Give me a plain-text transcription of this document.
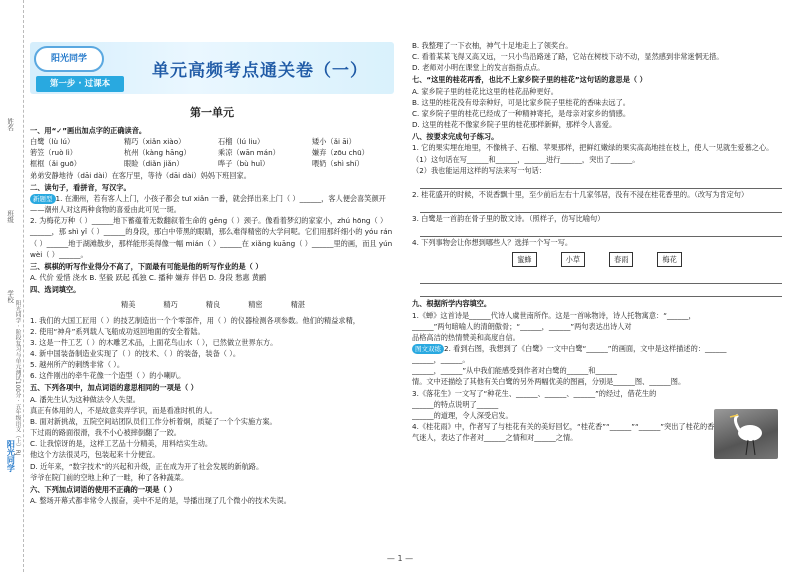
姓名
班级
学校
阳光同学 · 阶段复习与单元测试100分 · 五年级语文（上）RJ
阳光同学
阳光同学
第一步 · 过课本
单元高频考点通关卷（一）
第一单元
一、用“✓”画出加点字的正确读音。
白鹭（lù lú）	精巧（xiǎn xiào）	石榴（lú liu）	矮小（ǎi āi）
箬笠（ruò lì）	杭州（kàng hāng）	乘凉（wān mán）	嫌弃（zōu chū）
框框（ǎi guō）	眼睑（diǎn jiǎn）	哗子（bù huǐ）	喂奶（shì shí）
弟弟安静地待（dāi dài）在客厅里，等待（dāi dài）妈妈下班回家。
二、读句子，看拼音，写汉字。
新题型 1. 在潮州，若有客人上门，小孩子都会 tuī xiǎn 一番，就会择出来上门（ ）______，客人便会喜笑颜开——潮州人对这两种食物的喜爱由此可见一斑。
2. 为梅花万种（ ）______地下蓄蕴着无数翻叙着生命的 gěng（ ）颈子。像看着梦幻的家家小，zhú hōng（ ）______，那 shì yǐ（ ）______的身段，那白中带黑的眼睛，那么难得精密的大学问呢。它们用那纤细小的 yóu rán（ ）______地于湖滩散步，那样能形美得像一幅 mián（ ）______在 xiǎng kuāng（ ）______里的画，而且 yún wèi（ ）______。
三、棋棋的听写作业得分不高了，下面最有可能是他的听写作业的是（ ）
A. 代价 爱惜 浇水 B. 坚毅 跃起 孤独 C. 播种 嫌弃 伴侣 D. 身段 愁惠 黄鹂
四、选词填空。
精美	精巧	精良	精密	精湛
1. 我们的大国工匠用（ ）的技艺制造出一个个零部件，用（ ）的仪器检测各项参数。他们的精益求精，
2. 使用“神舟”系列载人飞船成功返回地面的安全着陆。
3. 这是一件工艺（ ）的木雕艺术品，上面花鸟山水（ ），已然做立世界东方。
4. 新中国装备制造业实现了（ ）的技术、（ ）的装备，装备（ ）。
5. 越州所产的刺绣非常（ ）。
6. 这件刚出的牵牛花像一个造型（ ）的小喇叭。
五、下列各项中，加点词语的意思相同的一项是（ ）
A. 潘先生认为这种做法令人失望。
真正有体用的人，不是故意卖弄学识，而是看准时机的人。
B. 面对新挑战，五院空间站团队员们工作分析着炯，质疑了一个个实施方案。
下过雨的路面很滑，我不小心被摔倒翻了一跤。
C. 让我惊讶的是，这样工艺品十分精美，用料结实生动。
他这个方法很灵巧，包装起来十分便宜。
D. 近年来，“数字技术”的兴起和升级，正在成为开了社会发展的新航路。
爷爷在院门前的空地上种了一畦，种了各种蔬菜。
六、下列加点词语的使用不正确的一项是（ ）
A. 整场开幕式都非常令人振奋，美中不足的是，导播出现了几个微小的技术失误。
B. 我整理了一下衣柚，神气十足地走上了领奖台。
C. 看着某某飞得又高又远，一只小鸟沿路迷了路，它站在树枝下动不动，显然感到非常迷惘无措。
D. 老师对小明在课堂上的发言指指点点。
七、“这里的桂花再香，也比不上家乡院子里的桂花”这句话的意思是（ ）
A. 家乡院子里的桂花比这里的桂花品种更好。
B. 这里的桂花没有母亲种好，可是比家乡院子里桂花的香味去远了。
C. 家乡院子里的桂花已经成了一种精神寄托，是母亲对家乡的情感。
D. 这里的桂花不像家乡院子里的桂花那样新鲜，那样令人喜爱。
八、按要求完成句子练习。
1. 它的果实埋在地里，不像桃子、石榴、苹果那样，把鲜红嫩绿的果实高高地挂在枝上，使人一见就生爱慕之心。
（1）这句话在写______和______，______进行______，突出了______。
（2）我也能运用这样的写法来写一句话：
2. 桂花盛开的时候，不说香飘十里，至少前后左右十几家邻居，没有不浸在桂花香里的。（改写为肯定句）
3. 白鹭是一首韵在骨子里的散文诗。（照样子，仿写比喻句）
4. 下列事物会让你想到哪些人？选择一个写一写。
蜜蜂	小草	春雨	梅花
九、根据所学内容填空。
1.《蝉》这首诗是______代诗人虞世南所作。这是一首咏物诗，诗人托物寓意：“______，
______”两句暗喻人的清朗傲骨；“______，______”两句表达出诗人对
品格高洁的热情赞美和高度自信。
图文双练 2. 看到右图，我想到了《白鹭》一文中白鹭“______”的画面，文中是这样描述的：______
______，______。
______，______”从中我们能感受到作者对白鹭的______和______
情。文中还描绘了其他有关白鹭的另外两幅优美的图画，分别是______图、______图。
3.《落花生》一文写了“种花生、______、______、______”的经过，借花生的
______的特点说明了______
______的道理，令人深受启发。
4.《桂花雨》中，作者写了与桂花有关的美好回忆，“桂花香”“______”“______”突出了桂花的香
气迷人，表达了作者对______之情和对______之情。
— 1 —
